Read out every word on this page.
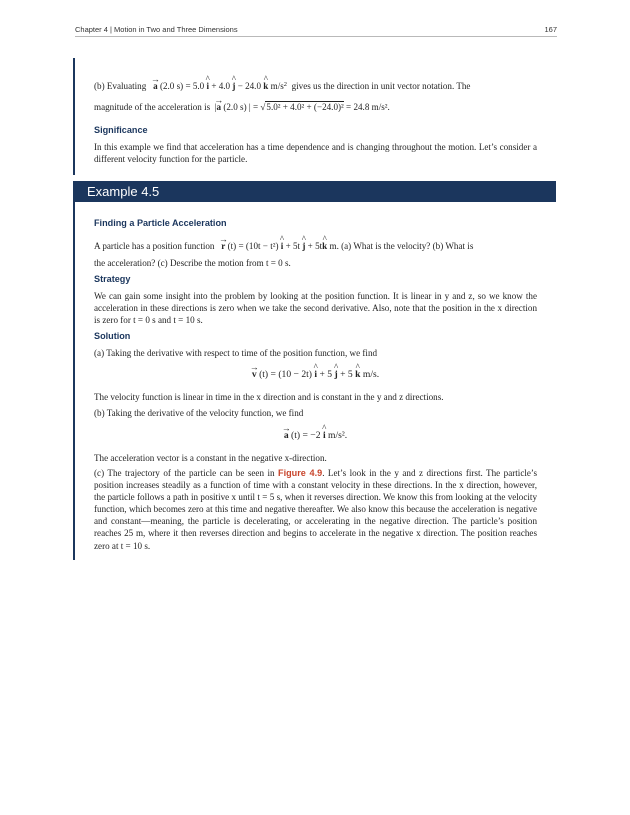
Chapter 4 | Motion in Two and Three Dimensions	167
(b) Evaluating → a (2.0 s) = 5.0 ^ i + 4.0 ^ j − 24.0 ^ k $m/s^2$ gives us the direction in unit vector notation. The
magnitude of the acceleration is  |→ a (2.0 s) | = √5.0² + 4.0² + (−24.0)² = 24.8 m/s².
Significance
In this example we find that acceleration has a time dependence and is changing throughout the motion. Let’s consider a different velocity function for the particle.
Example 4.5
Finding a Particle Acceleration
A particle has a position function → r (t) = (10t − t²) ^ i + 5t ^ j + 5t^ k m. (a) What is the velocity? (b) What is
the acceleration? (c) Describe the motion from t = 0 s.
Strategy
We can gain some insight into the problem by looking at the position function. It is linear in y and z, so we know the acceleration in these directions is zero when we take the second derivative. Also, note that the position in the x direction is zero for t = 0 s and t = 10 s.
Solution
(a) Taking the derivative with respect to time of the position function, we find
→ v (t) = (10 − 2t) ^ i + 5 ^ j + 5 ^ k m/s.
The velocity function is linear in time in the x direction and is constant in the y and z directions.
(b) Taking the derivative of the velocity function, we find
→ a (t) = −2 ^ i m/s².
The acceleration vector is a constant in the negative x-direction.
(c) The trajectory of the particle can be seen in Figure 4.9. Let’s look in the y and z directions first. The particle’s position increases steadily as a function of time with a constant velocity in these directions. In the x direction, however, the particle follows a path in positive x until t = 5 s, when it reverses direction. We know this from looking at the velocity function, which becomes zero at this time and negative thereafter. We also know this because the acceleration is negative and constant—meaning, the particle is decelerating, or accelerating in the negative direction. The particle’s position reaches 25 m, where it then reverses direction and begins to accelerate in the negative x direction. The position reaches zero at t = 10 s.
